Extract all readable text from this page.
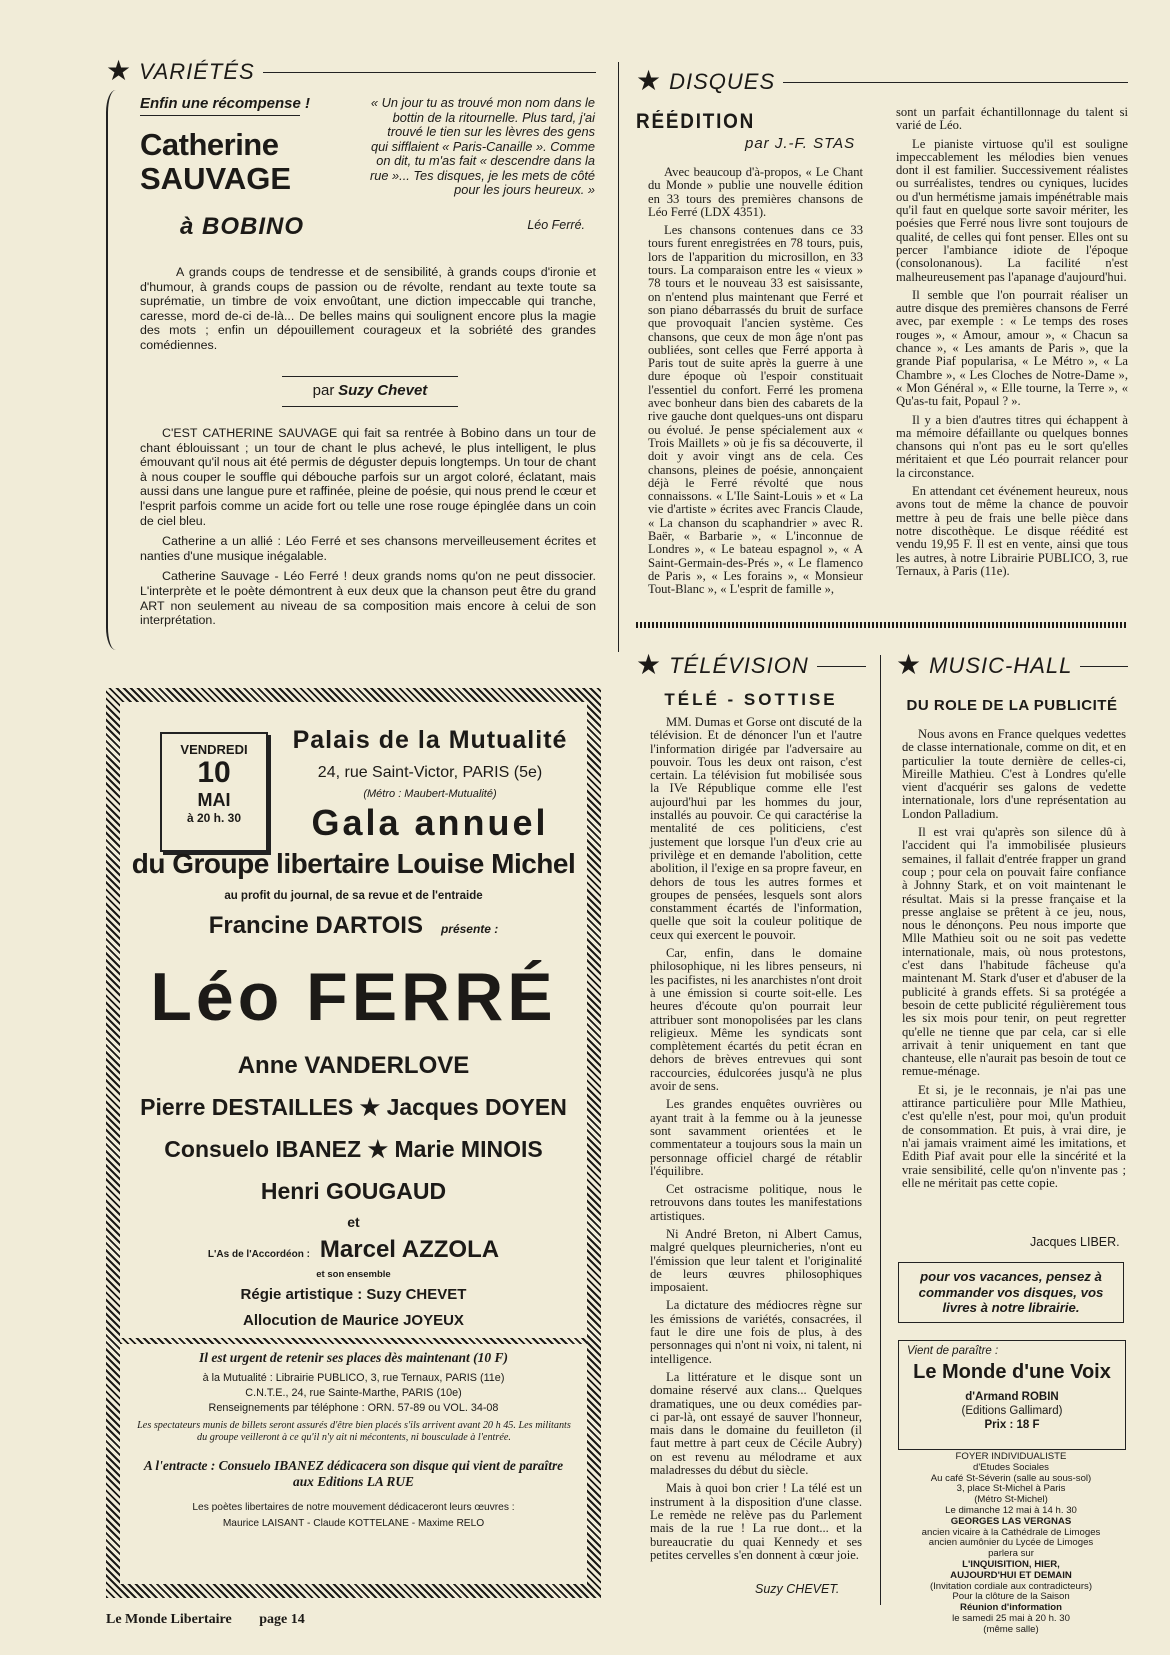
★ VARIÉTÉS
Enfin une récompense !
Catherine
SAUVAGE
à BOBINO
« Un jour tu as trouvé mon nom dans le bottin de la ritournelle. Plus tard, j'ai trouvé le tien sur les lèvres des gens qui sifflaient « Paris-Canaille ». Comme on dit, tu m'as fait « descendre dans la rue »... Tes disques, je les mets de côté pour les jours heureux. »
Léo Ferré.

A grands coups de tendresse et de sensibilité, à grands coups d'ironie et d'humour, à grands coups de passion ou de révolte, rendant au texte toute sa suprématie, un timbre de voix envoûtant, une diction impeccable qui tranche, caresse, mord de-ci de-là... De belles mains qui soulignent encore plus la magie des mots ; enfin un dépouillement courageux et la sobriété des grandes comédiennes.

par Suzy Chevet

C'EST CATHERINE SAUVAGE qui fait sa rentrée à Bobino dans un tour de chant éblouissant ; un tour de chant le plus achevé, le plus intelligent, le plus émouvant qu'il nous ait été permis de déguster depuis longtemps. Un tour de chant à nous couper le souffle qui débouche parfois sur un argot coloré, éclatant, mais aussi dans une langue pure et raffinée, pleine de poésie, qui nous prend le cœur et l'esprit parfois comme un acide fort ou telle une rose rouge épinglée dans un coin de ciel bleu.

Catherine a un allié : Léo Ferré et ses chansons merveilleusement écrites et nanties d'une musique inégalable.

Catherine Sauvage - Léo Ferré ! deux grands noms qu'on ne peut dissocier. L'interprète et le poète démontrent à eux deux que la chanson peut être du grand ART non seulement au niveau de sa composition mais encore à celui de son interprétation.

★ DISQUES
RÉÉDITION
par J.-F. STAS

Avec beaucoup d'à-propos, « Le Chant du Monde » publie une nouvelle édition en 33 tours des premières chansons de Léo Ferré (LDX 4351).

Les chansons contenues dans ce 33 tours furent enregistrées en 78 tours, puis, lors de l'apparition du microsillon, en 33 tours. La comparaison entre les « vieux » 78 tours et le nouveau 33 est saisissante, on n'entend plus maintenant que Ferré et son piano débarrassés du bruit de surface que provoquait l'ancien système. Ces chansons, que ceux de mon âge n'ont pas oubliées, sont celles que Ferré apporta à Paris tout de suite après la guerre à une dure époque où l'espoir constituait l'essentiel du confort. Ferré les promena avec bonheur dans bien des cabarets de la rive gauche dont quelques-uns ont disparu ou évolué. Je pense spécialement aux « Trois Maillets » où je fis sa découverte, il doit y avoir vingt ans de cela. Ces chansons, pleines de poésie, annonçaient déjà le Ferré révolté que nous connaissons. « L'Ile Saint-Louis » et « La vie d'artiste » écrites avec Francis Claude, « La chanson du scaphandrier » avec R. Baër, « Barbarie », « L'inconnue de Londres », « Le bateau espagnol », « A Saint-Germain-des-Prés », « Le flamenco de Paris », « Les forains », « Monsieur Tout-Blanc », « L'esprit de famille »,

sont un parfait échantillonnage du talent si varié de Léo.

Le pianiste virtuose qu'il est souligne impeccablement les mélodies bien venues dont il est familier. Successivement réalistes ou surréalistes, tendres ou cyniques, lucides ou d'un hermétisme jamais impénétrable mais qu'il faut en quelque sorte savoir mériter, les poésies que Ferré nous livre sont toujours de qualité, de celles qui font penser. Elles ont su percer l'ambiance idiote de l'époque (consolonanous). La facilité n'est malheureusement pas l'apanage d'aujourd'hui.

Il semble que l'on pourrait réaliser un autre disque des premières chansons de Ferré avec, par exemple : « Le temps des roses rouges », « Amour, amour », « Chacun sa chance », « Les amants de Paris », que la grande Piaf popularisa, « Le Métro », « La Chambre », « Les Cloches de Notre-Dame », « Mon Général », « Elle tourne, la Terre », « Qu'as-tu fait, Popaul ? ».

Il y a bien d'autres titres qui échappent à ma mémoire défaillante ou quelques bonnes chansons qui n'ont pas eu le sort qu'elles méritaient et que Léo pourrait relancer pour la circonstance.

En attendant cet événement heureux, nous avons tout de même la chance de pouvoir mettre à peu de frais une belle pièce dans notre discothèque. Le disque réédité est vendu 19,95 F. Il est en vente, ainsi que tous les autres, à notre Librairie PUBLICO, 3, rue Ternaux, à Paris (11e).

★ TÉLÉVISION
TÉLÉ - SOTTISE

MM. Dumas et Gorse ont discuté de la télévision. Et de dénoncer l'un et l'autre l'information dirigée par l'adversaire au pouvoir. Tous les deux ont raison, c'est certain. La télévision fut mobilisée sous la IVe République comme elle l'est aujourd'hui par les hommes du jour, installés au pouvoir. Ce qui caractérise la mentalité de ces politiciens, c'est justement que lorsque l'un d'eux crie au privilège et en demande l'abolition, cette abolition, il l'exige en sa propre faveur, en dehors de tous les autres formes et groupes de pensées, lesquels sont alors constamment écartés de l'information, quelle que soit la couleur politique de ceux qui exercent le pouvoir.

Car, enfin, dans le domaine philosophique, ni les libres penseurs, ni les pacifistes, ni les anarchistes n'ont droit à une émission si courte soit-elle. Les heures d'écoute qu'on pourrait leur attribuer sont monopolisées par les clans religieux. Même les syndicats sont complètement écartés du petit écran en dehors de brèves entrevues qui sont raccourcies, édulcorées jusqu'à ne plus avoir de sens.

Les grandes enquêtes ouvrières ou ayant trait à la femme ou à la jeunesse sont savamment orientées et le commentateur a toujours sous la main un personnage officiel chargé de rétablir l'équilibre.

Cet ostracisme politique, nous le retrouvons dans toutes les manifestations artistiques.

Ni André Breton, ni Albert Camus, malgré quelques pleurnicheries, n'ont eu l'émission que leur talent et l'originalité de leurs œuvres philosophiques imposaient.

La dictature des médiocres règne sur les émissions de variétés, consacrées, il faut le dire une fois de plus, à des personnages qui n'ont ni voix, ni talent, ni intelligence.

La littérature et le disque sont un domaine réservé aux clans... Quelques dramatiques, une ou deux comédies par-ci par-là, ont essayé de sauver l'honneur, mais dans le domaine du feuilleton (il faut mettre à part ceux de Cécile Aubry) on est revenu au mélodrame et aux maladresses du début du siècle.

Mais à quoi bon crier ! La télé est un instrument à la disposition d'une classe. Le remède ne relève pas du Parlement mais de la rue ! La rue dont... et la bureaucratie du quai Kennedy et ses petites cervelles s'en donnent à cœur joie.

Suzy CHEVET.
★ MUSIC-HALL
DU ROLE DE LA PUBLICITÉ

Nous avons en France quelques vedettes de classe internationale, comme on dit, et en particulier la toute dernière de celles-ci, Mireille Mathieu. C'est à Londres qu'elle vient d'acquérir ses galons de vedette internationale, lors d'une représentation au London Palladium.

Il est vrai qu'après son silence dû à l'accident qui l'a immobilisée plusieurs semaines, il fallait d'entrée frapper un grand coup ; pour cela on pouvait faire confiance à Johnny Stark, et on voit maintenant le résultat. Mais si la presse française et la presse anglaise se prêtent à ce jeu, nous, nous le dénonçons. Peu nous importe que Mlle Mathieu soit ou ne soit pas vedette internationale, mais, où nous protestons, c'est dans l'habitude fâcheuse qu'a maintenant M. Stark d'user et d'abuser de la publicité à grands effets. Si sa protégée a besoin de cette publicité régulièrement tous les six mois pour tenir, on peut regretter qu'elle ne tienne que par cela, car si elle arrivait à tenir uniquement en tant que chanteuse, elle n'aurait pas besoin de tout ce remue-ménage.

Et si, je le reconnais, je n'ai pas une attirance particulière pour Mlle Mathieu, c'est qu'elle n'est, pour moi, qu'un produit de consommation. Et puis, à vrai dire, je n'ai jamais vraiment aimé les imitations, et Edith Piaf avait pour elle la sincérité et la vraie sensibilité, celle qu'on n'invente pas ; elle ne méritait pas cette copie.

Jacques LIBER.
pour vos vacances, pensez à commander vos disques, vos livres à notre librairie.
Vient de paraître :
Le Monde d'une Voix
d'Armand ROBIN
(Editions Gallimard)
Prix : 18 F
FOYER INDIVIDUALISTE
d'Etudes Sociales
Au café St-Séverin (salle au sous-sol)
3, place St-Michel à Paris
(Métro St-Michel)
Le dimanche 12 mai à 14 h. 30
GEORGES LAS VERGNAS
ancien vicaire à la Cathédrale de Limoges
ancien aumônier du Lycée de Limoges
parlera sur
L'INQUISITION, HIER,
AUJOURD'HUI ET DEMAIN
(Invitation cordiale aux contradicteurs)
Pour la clôture de la Saison
Réunion d'information
le samedi 25 mai à 20 h. 30
(même salle)
VENDREDI
10
MAI
à 20 h. 30
Palais de la Mutualité
24, rue Saint-Victor, PARIS (5e)
(Métro : Maubert-Mutualité)
Gala annuel
du Groupe libertaire Louise Michel
au profit du journal, de sa revue et de l'entraide
Francine DARTOIS présente :
Léo FERRÉ
Anne VANDERLOVE
Pierre DESTAILLES ★ Jacques DOYEN
Consuelo IBANEZ ★ Marie MINOIS
Henri GOUGAUD
et
L'As de l'Accordéon : Marcel AZZOLA
et son ensemble
Régie artistique : Suzy CHEVET
Allocution de Maurice JOYEUX
Il est urgent de retenir ses places dès maintenant (10 F)
à la Mutualité : Librairie PUBLICO, 3, rue Ternaux, PARIS (11e)
C.N.T.E., 24, rue Sainte-Marthe, PARIS (10e)
Renseignements par téléphone : ORN. 57-89 ou VOL. 34-08
Les spectateurs munis de billets seront assurés d'être bien placés s'ils arrivent avant 20 h 45. Les militants du groupe veilleront à ce qu'il n'y ait ni mécontents, ni bousculade à l'entrée.
A l'entracte : Consuelo IBANEZ dédicacera son disque qui vient de paraître aux Editions LA RUE
Les poètes libertaires de notre mouvement dédicaceront leurs œuvres :
Maurice LAISANT - Claude KOTTELANE - Maxime RELO
Le Monde Libertaire page 14
